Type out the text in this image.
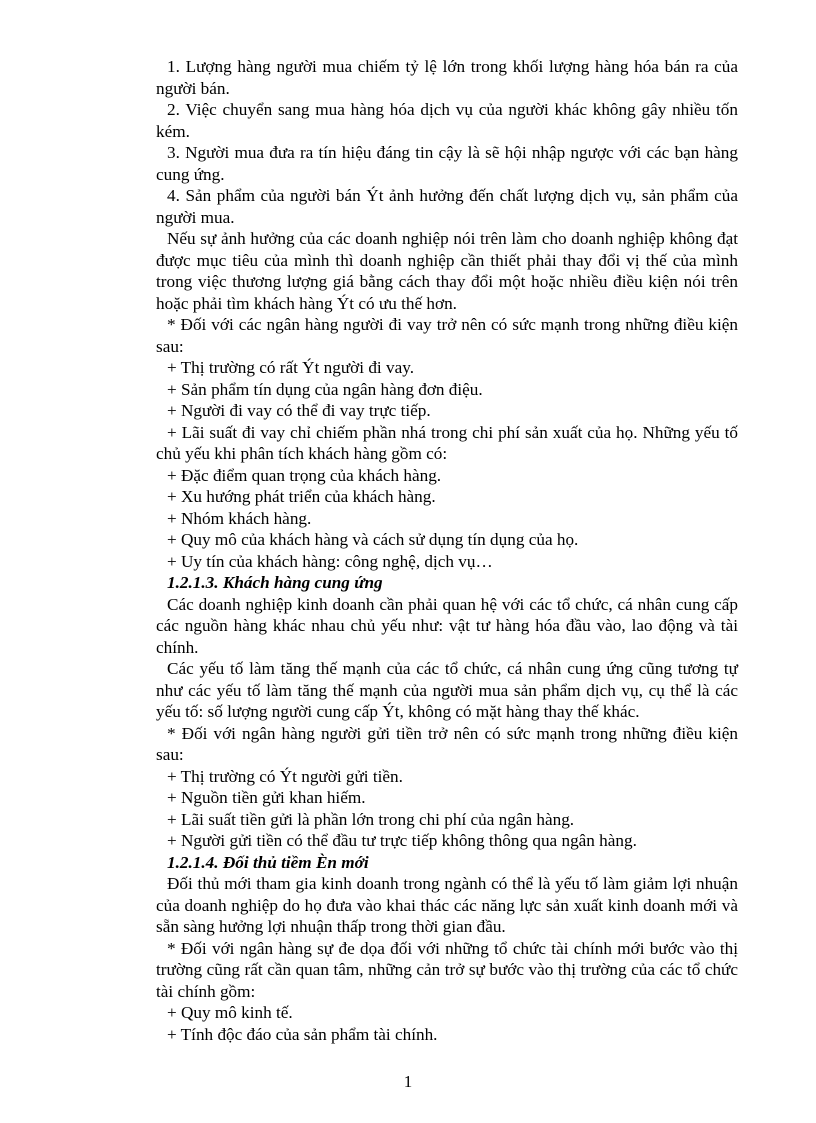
1. Lượng hàng người mua chiếm tỷ lệ lớn trong khối lượng hàng hóa bán ra của người bán.

2. Việc chuyển sang mua hàng hóa dịch vụ của người khác không gây nhiều tốn kém.

3. Người mua đưa ra tín hiệu đáng tin cậy là sẽ hội nhập ngược với các bạn hàng cung ứng.

4. Sản phẩm của người bán Ýt ảnh hưởng đến chất lượng dịch vụ, sản phẩm của người mua.

Nếu sự ảnh hưởng của các doanh nghiệp nói trên làm cho doanh nghiệp không đạt được mục tiêu của mình thì doanh nghiệp cần thiết phải thay đổi vị thế của mình trong việc thương lượng giá bằng cách thay đổi một hoặc nhiều điều kiện nói trên hoặc phải tìm khách hàng Ýt có ưu thế hơn.

* Đối với các ngân hàng người đi vay trở nên có sức mạnh trong những điều kiện sau:

+ Thị trường có rất Ýt người đi vay.

+ Sản phẩm tín dụng của ngân hàng đơn điệu.

+ Người đi vay có thể đi vay trực tiếp.

+ Lãi suất đi vay chỉ chiếm phần nhá trong chi phí sản xuất của họ. Những yếu tố chủ yếu khi phân tích khách hàng gồm có:

+ Đặc điểm quan trọng của khách hàng.

+ Xu hướng phát triển của khách hàng.

+ Nhóm khách hàng.

+ Quy mô của khách hàng và cách sử dụng tín dụng của họ.

+ Uy tín của khách hàng: công nghệ, dịch vụ…

1.2.1.3. Khách hàng cung ứng

Các doanh nghiệp kinh doanh cần phải quan hệ với các tổ chức, cá nhân cung cấp các nguồn hàng khác nhau chủ yếu như: vật tư hàng hóa đầu vào, lao động và tài chính.

Các yếu tố làm tăng thế mạnh của các tổ chức, cá nhân cung ứng cũng tương tự như các yếu tố làm tăng thế mạnh của người mua sản phẩm dịch vụ, cụ thể là các yếu tố: số lượng người cung cấp Ýt, không có mặt hàng thay thế khác.

* Đối với ngân hàng người gửi tiền trở nên có sức mạnh trong những điều kiện sau:

+ Thị trường có Ýt người gửi tiền.

+ Nguồn tiền gửi khan hiếm.

+ Lãi suất tiền gửi là phần lớn trong chi phí của ngân hàng.

+ Người gửi tiền có thể đầu tư trực tiếp không thông qua ngân hàng.

1.2.1.4. Đối thủ tiềm Èn mới

Đối thủ mới tham gia kinh doanh trong ngành có thể là yếu tố làm giảm lợi nhuận của doanh nghiệp do họ đưa vào khai thác các năng lực sản xuất kinh doanh mới và sẵn sàng hưởng lợi nhuận thấp trong thời gian đầu.

* Đối với ngân hàng sự đe dọa đối với những tổ chức tài chính mới bước vào thị trường cũng rất cần quan tâm, những cản trở sự bước vào thị trường của các tổ chức tài chính gồm:

+ Quy mô kinh tế.

+ Tính độc đáo của sản phẩm tài chính.

1
